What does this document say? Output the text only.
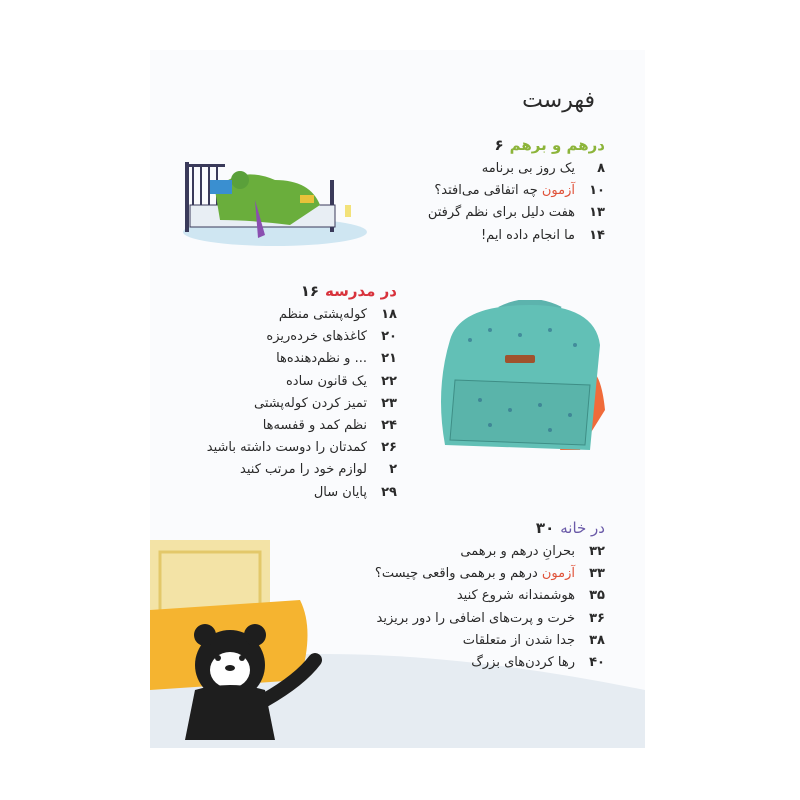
فهرست
درهم و برهم۶
۸یک روز بی برنامه
۱۰آزمون چه اتفاقی می‌افتد؟
۱۳هفت دلیل برای نظم گرفتن
۱۴ما انجام داده ایم!
در مدرسه۱۶
۱۸کوله‌پشتی منظم
۲۰کاغذهای خرده‌ریزه
۲۱... و نظم‌دهنده‌ها
۲۲یک قانون ساده
۲۳تمیز کردن کوله‌پشتی
۲۴نظم کمد و قفسه‌ها
۲۶کمدتان را دوست داشته باشید
۲لوازم خود را مرتب کنید
۲۹پایان سال
در خانه۳۰
۳۲بحرانِ درهم و برهمی
۳۳آزمون درهم و برهمی واقعی چیست؟
۳۵هوشمندانه شروع کنید
۳۶خرت و پرت‌های اضافی را دور بریزید
۳۸جدا شدن از متعلقات
۴۰رها کردن‌های بزرگ
